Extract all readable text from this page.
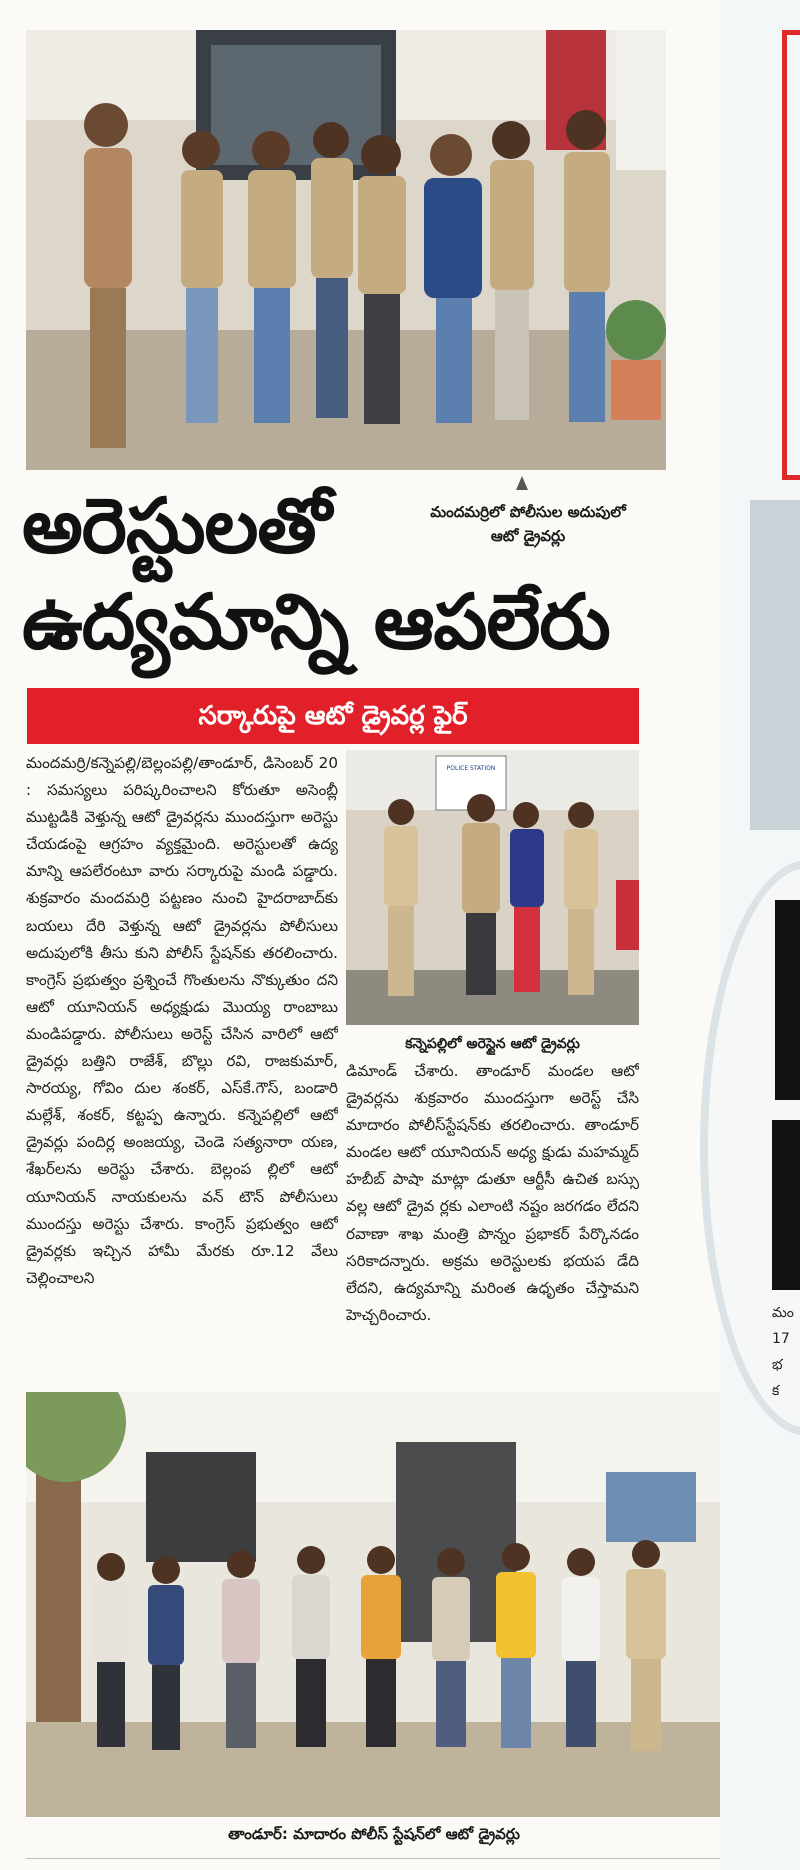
అరెస్టులతో
ఉద్యమాన్ని ఆపలేరు
మందమర్రిలో పోలీసుల అదుపులో
ఆటో డ్రైవర్లు
సర్కారుపై ఆటో డ్రైవర్ల ఫైర్
POLICE STATION
కన్నెపల్లిలో అరెస్టైన ఆటో డ్రైవర్లు
మందమర్రి/కన్నెపల్లి/బెల్లంపల్లి/తాండూర్, డిసెంబర్ 20 : సమస్యలు పరిష్కరించాలని కోరుతూ అసెంబ్లీ ముట్టడికి వెళ్తున్న ఆటో డ్రైవర్లను ముందస్తుగా అరెస్టు చేయడంపై ఆగ్రహం వ్యక్తమైంది. అరెస్టులతో ఉద్య మాన్ని ఆపలేరంటూ వారు సర్కారుపై మండి పడ్డారు. శుక్రవారం మందమర్రి పట్టణం నుంచి హైదరాబాద్‌కు బయలు దేరి వెళ్తున్న ఆటో డ్రైవర్లను పోలీసులు అదుపులోకి తీసు కుని పోలీస్ స్టేషన్‌కు తరలించారు. కాంగ్రెస్ ప్రభుత్వం ప్రశ్నించే గొంతులను నొక్కుతుం దని ఆటో యూనియన్ అధ్యక్షుడు మొయ్య రాంబాబు మండిపడ్డారు. పోలీసులు అరెస్ట్ చేసిన వారిలో ఆటో డ్రైవర్లు బత్తిని రాజేశ్, బొల్లు రవి, రాజకుమార్, సారయ్య, గోవిం దుల శంకర్, ఎస్‌కే.గౌస్, బండారి మల్లేశ్, శంకర్, కట్టప్ప ఉన్నారు. కన్నెపల్లిలో ఆటో డ్రైవర్లు పందిర్ల అంజయ్య, చెండె సత్యనారా యణ, శేఖర్‌లను అరెస్టు చేశారు. బెల్లంప ల్లిలో ఆటో యూనియన్ నాయకులను వన్ టౌన్ పోలీసులు ముందస్తు అరెస్టు చేశారు. కాంగ్రెస్ ప్రభుత్వం ఆటో డ్రైవర్లకు ఇచ్చిన హామీ మేరకు రూ.12 వేలు చెల్లించాలని
డిమాండ్ చేశారు. తాండూర్ మండల ఆటో డ్రైవర్లను శుక్రవారం ముందస్తుగా అరెస్ట్ చేసి మాదారం పోలీస్‌స్టేషన్‌కు తరలించారు. తాండూర్ మండల ఆటో యూనియన్ అధ్య క్షుడు మహమ్మద్ హబీబ్ పాషా మాట్లా డుతూ ఆర్టీసీ ఉచిత బస్సు వల్ల ఆటో డ్రైవ ర్లకు ఎలాంటి నష్టం జరగడం లేదని రవాణా శాఖ మంత్రి పొన్నం ప్రభాకర్ పేర్కొనడం సరికాదన్నారు. అక్రమ అరెస్టులకు భయప డేది లేదని, ఉద్యమాన్ని మరింత ఉధృతం చేస్తామని హెచ్చరించారు.
తాండూర్: మాదారం పోలీస్ స్టేషన్‌లో ఆటో డ్రైవర్లు
మం
17
భ
క
